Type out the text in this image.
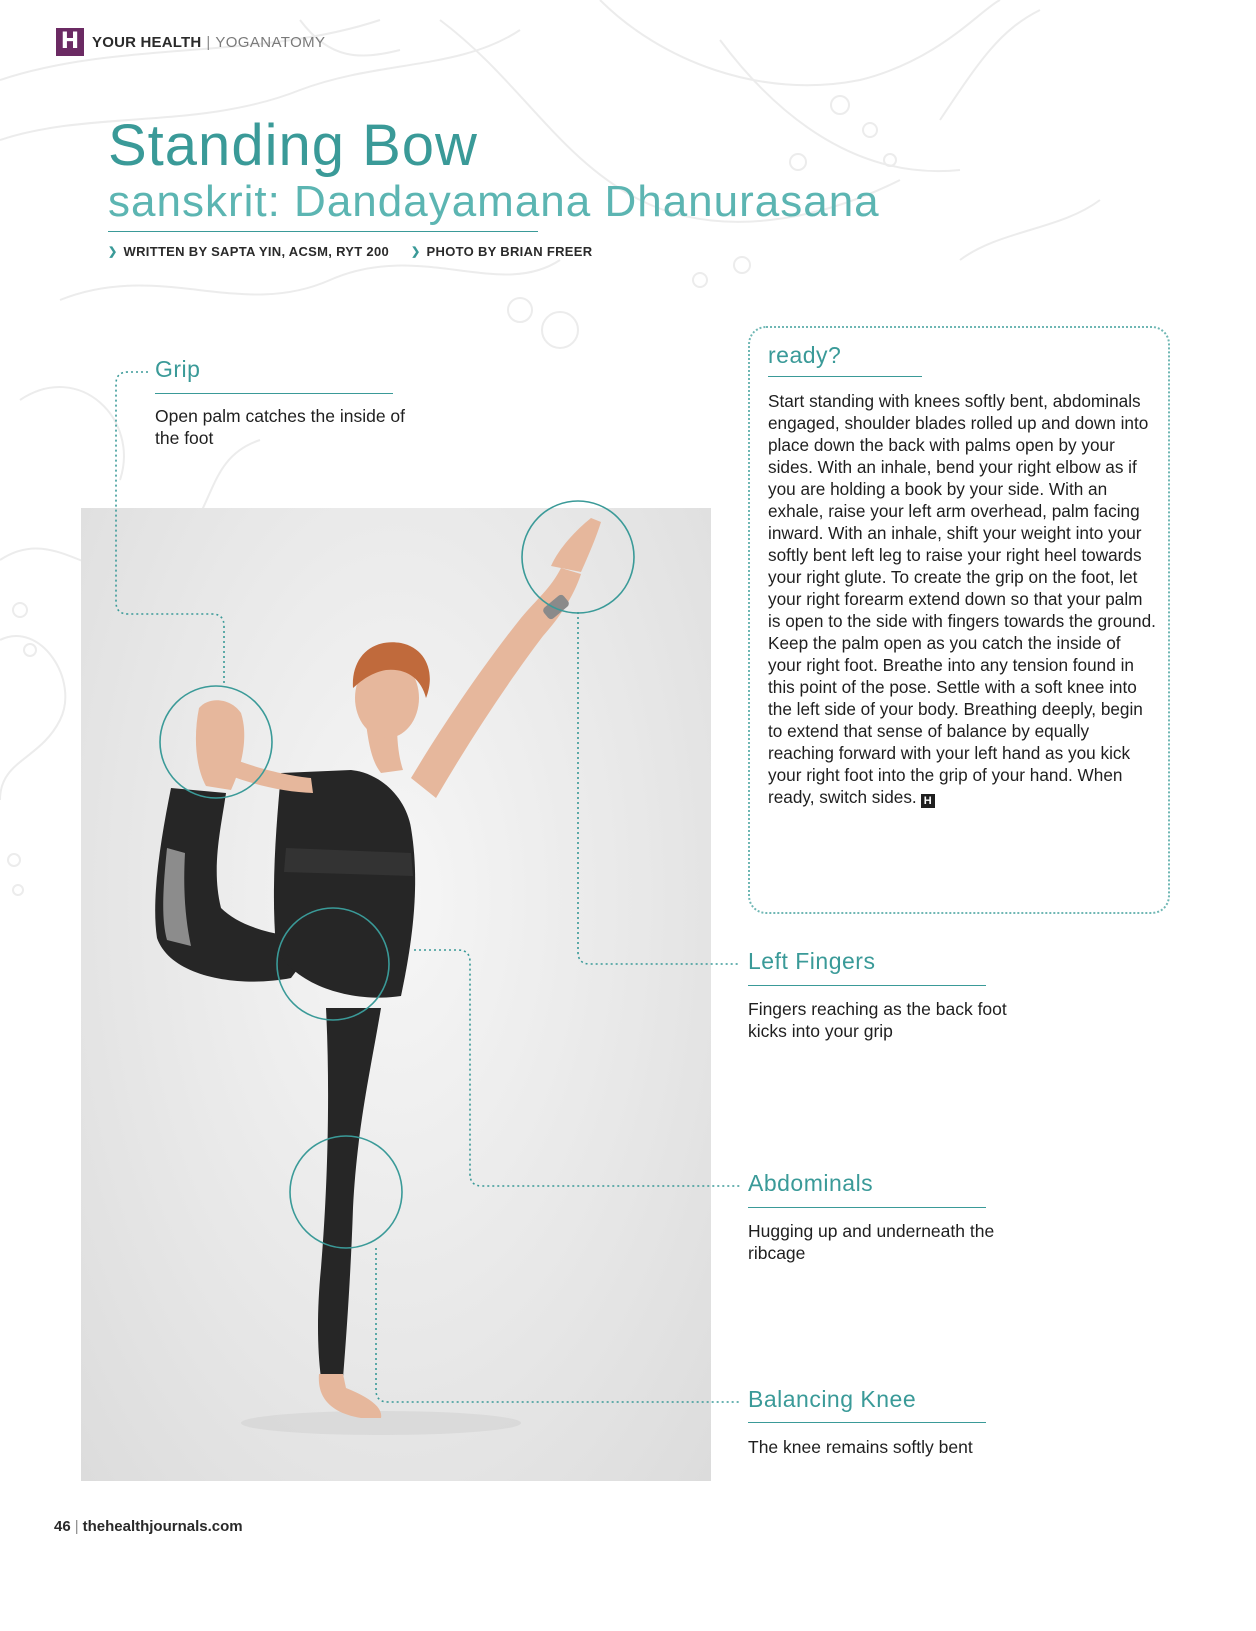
H YOUR HEALTH | YOGANATOMY
Standing Bow
sanskrit: Dandayamana Dhanurasana
❯ WRITTEN BY SAPTA YIN, ACSM, RYT 200 ❯ PHOTO BY BRIAN FREER
Grip
Open palm catches the inside of the foot
ready?
Start standing with knees softly bent, abdominals engaged, shoulder blades rolled up and down into place down the back with palms open by your sides. With an inhale, bend your right elbow as if you are holding a book by your side. With an exhale, raise your left arm overhead, palm facing inward. With an inhale, shift your weight into your softly bent left leg to raise your right heel towards your right glute. To create the grip on the foot, let your right forearm extend down so that your palm is open to the side with fingers towards the ground. Keep the palm open as you catch the inside of your right foot. Breathe into any tension found in this point of the pose. Settle with a soft knee into the left side of your body. Breathing deeply, begin to extend that sense of balance by equally reaching forward with your left hand as you kick your right foot into the grip of your hand. When ready, switch sides. H
Left Fingers
Fingers reaching as the back foot kicks into your grip
Abdominals
Hugging up and underneath the ribcage
Balancing Knee
The knee remains softly bent
46 | thehealthjournals.com
